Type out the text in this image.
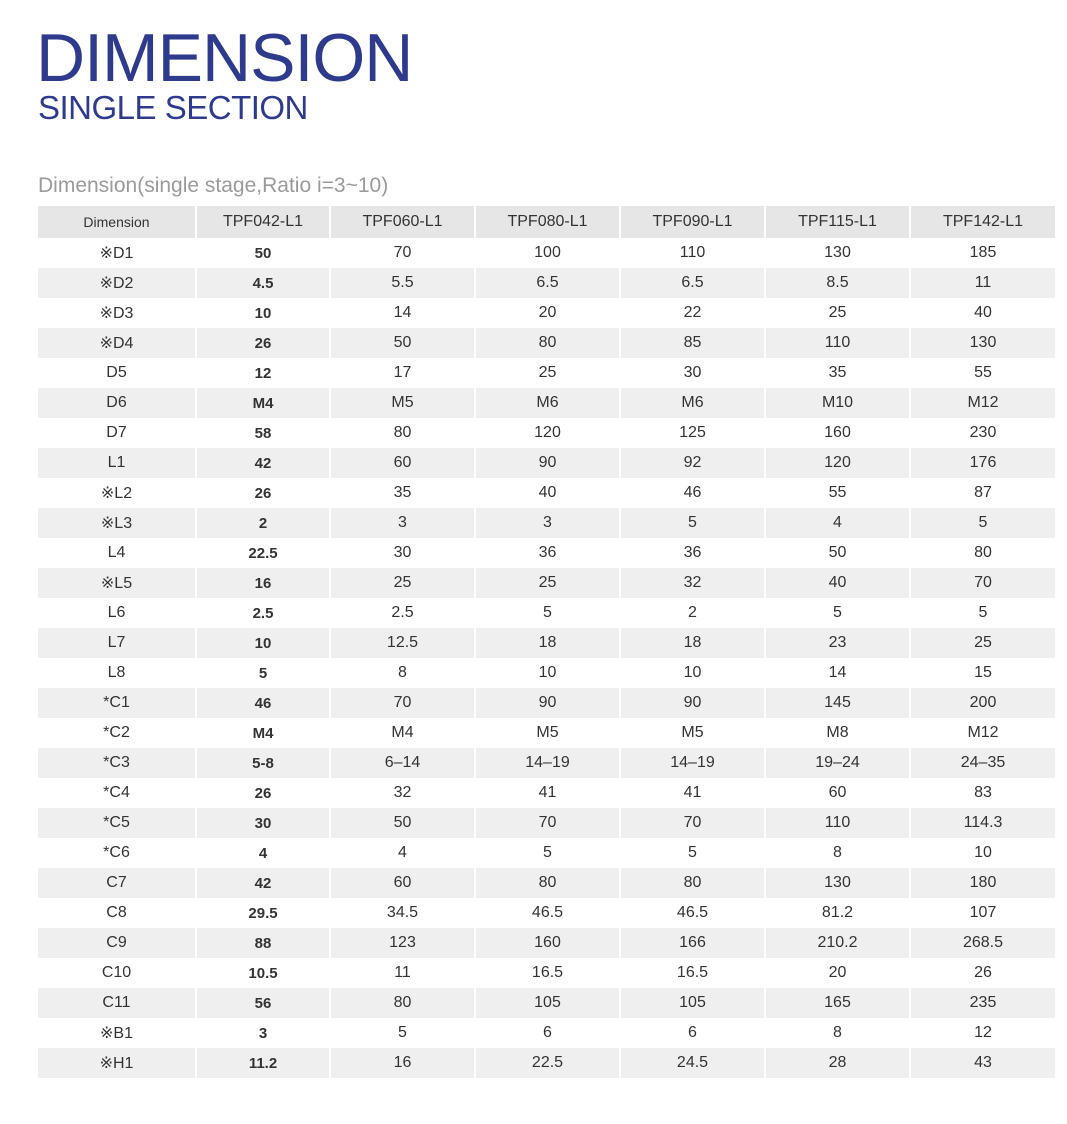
DIMENSION
SINGLE SECTION
Dimension(single stage,Ratio i=3~10)
Dimension	TPF042-L1	TPF060-L1	TPF080-L1	TPF090-L1	TPF115-L1	TPF142-L1
※D1	50	70	100	110	130	185
※D2	4.5	5.5	6.5	6.5	8.5	11
※D3	10	14	20	22	25	40
※D4	26	50	80	85	110	130
D5	12	17	25	30	35	55
D6	M4	M5	M6	M6	M10	M12
D7	58	80	120	125	160	230
L1	42	60	90	92	120	176
※L2	26	35	40	46	55	87
※L3	2	3	3	5	4	5
L4	22.5	30	36	36	50	80
※L5	16	25	25	32	40	70
L6	2.5	2.5	5	2	5	5
L7	10	12.5	18	18	23	25
L8	5	8	10	10	14	15
*C1	46	70	90	90	145	200
*C2	M4	M4	M5	M5	M8	M12
*C3	5-8	6–14	14–19	14–19	19–24	24–35
*C4	26	32	41	41	60	83
*C5	30	50	70	70	110	114.3
*C6	4	4	5	5	8	10
C7	42	60	80	80	130	180
C8	29.5	34.5	46.5	46.5	81.2	107
C9	88	123	160	166	210.2	268.5
C10	10.5	11	16.5	16.5	20	26
C11	56	80	105	105	165	235
※B1	3	5	6	6	8	12
※H1	11.2	16	22.5	24.5	28	43
